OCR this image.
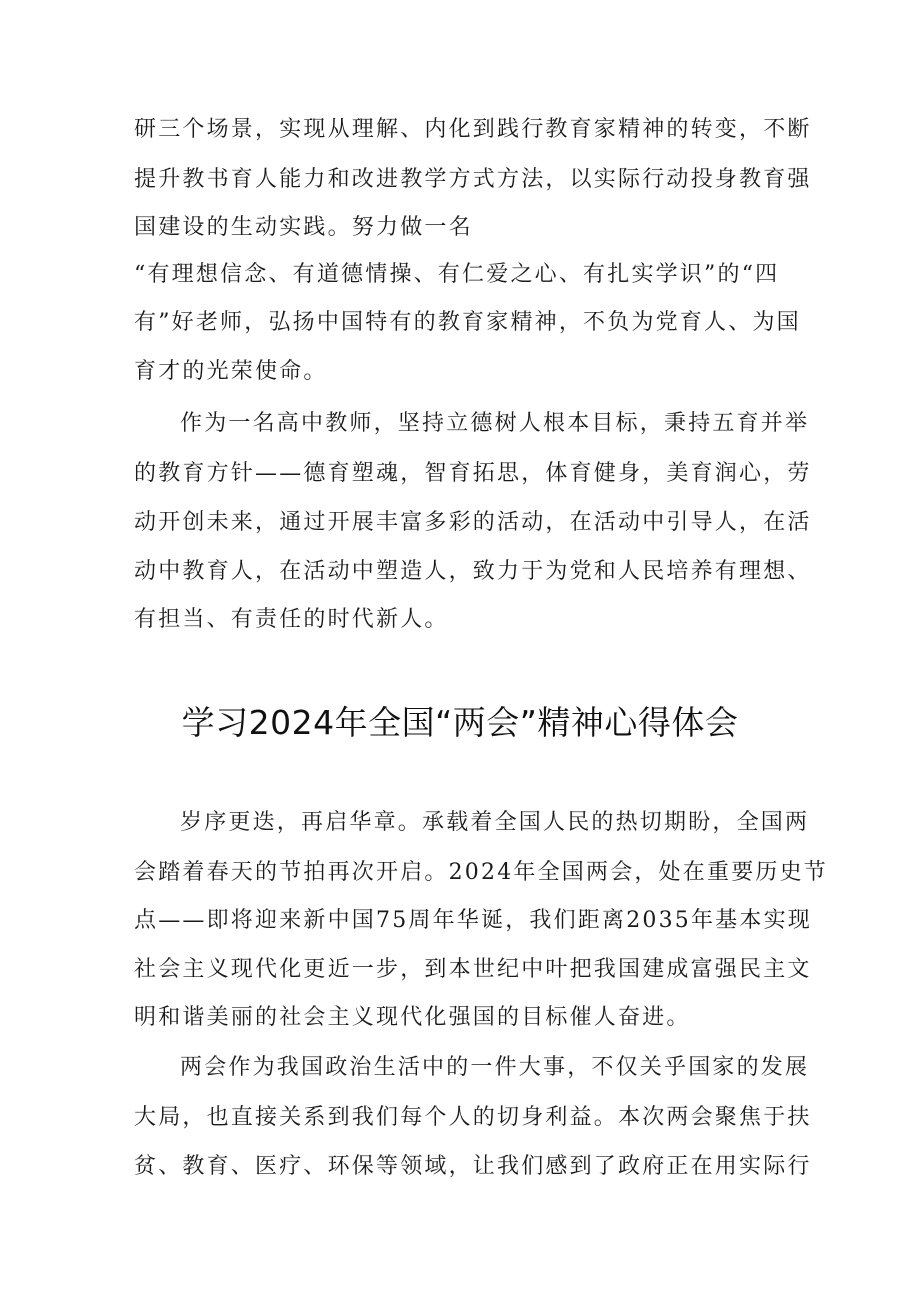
研三个场景，实现从理解、内化到践行教育家精神的转变，不断

提升教书育人能力和改进教学方式方法，以实际行动投身教育强

国建设的生动实践。努力做一名

“有理想信念、有道德情操、有仁爱之心、有扎实学识”的“四

有”好老师，弘扬中国特有的教育家精神，不负为党育人、为国

育才的光荣使命。

作为一名高中教师，坚持立德树人根本目标，秉持五育并举

的教育方针——德育塑魂，智育拓思，体育健身，美育润心，劳

动开创未来，通过开展丰富多彩的活动，在活动中引导人，在活

动中教育人，在活动中塑造人，致力于为党和人民培养有理想、

有担当、有责任的时代新人。

学习2024年全国“两会”精神心得体会

岁序更迭，再启华章。承载着全国人民的热切期盼，全国两

会踏着春天的节拍再次开启。2024年全国两会，处在重要历史节

点——即将迎来新中国75周年华诞，我们距离2035年基本实现

社会主义现代化更近一步，到本世纪中叶把我国建成富强民主文

明和谐美丽的社会主义现代化强国的目标催人奋进。

两会作为我国政治生活中的一件大事，不仅关乎国家的发展

大局，也直接关系到我们每个人的切身利益。本次两会聚焦于扶

贫、教育、医疗、环保等领域，让我们感到了政府正在用实际行
